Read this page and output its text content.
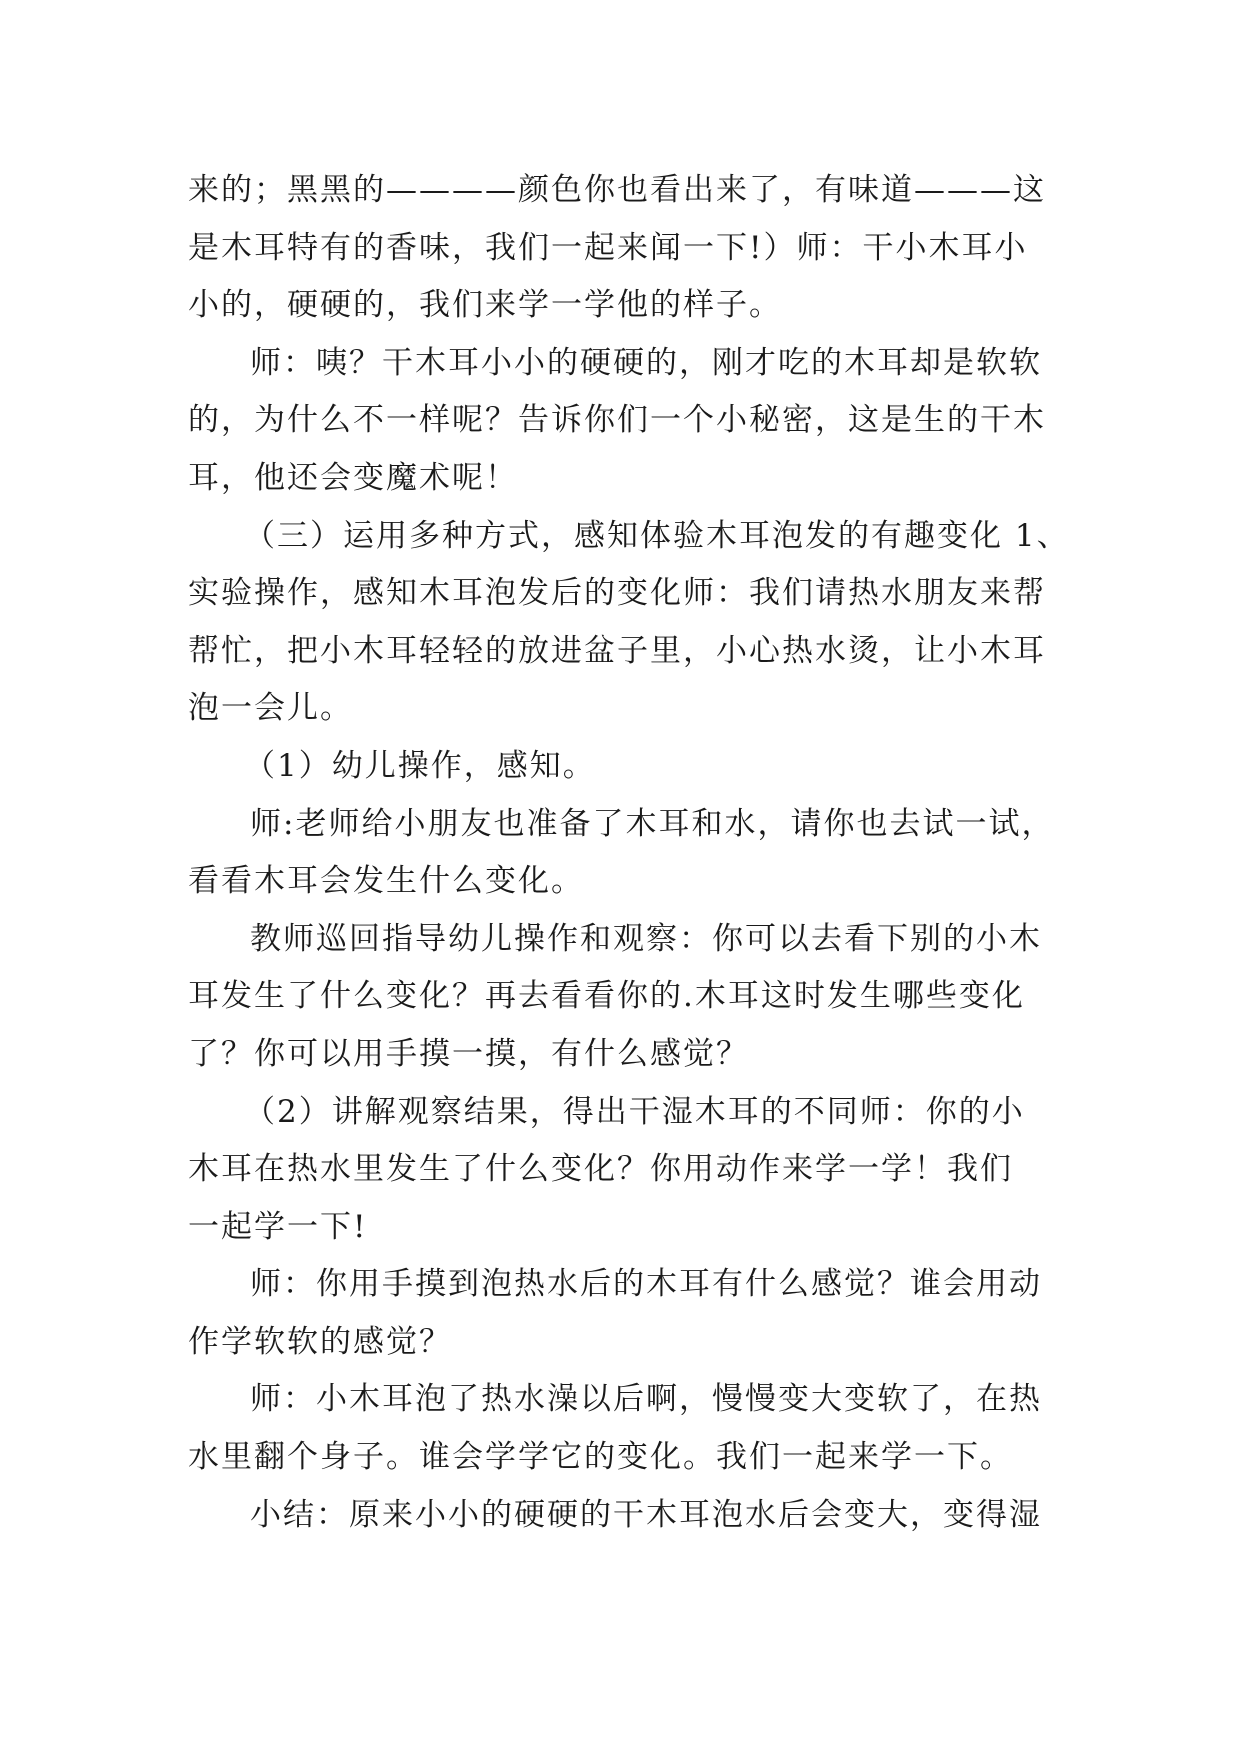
来的；黑黑的————颜色你也看出来了，有味道———这
是木耳特有的香味，我们一起来闻一下!）师：干小木耳小
小的，硬硬的，我们来学一学他的样子。
师：咦？干木耳小小的硬硬的，刚才吃的木耳却是软软
的，为什么不一样呢？告诉你们一个小秘密，这是生的干木
耳，他还会变魔术呢！
（三）运用多种方式，感知体验木耳泡发的有趣变化 1、
实验操作，感知木耳泡发后的变化师：我们请热水朋友来帮
帮忙，把小木耳轻轻的放进盆子里，小心热水烫，让小木耳
泡一会儿。
（1）幼儿操作，感知。
师:老师给小朋友也准备了木耳和水，请你也去试一试，
看看木耳会发生什么变化。
教师巡回指导幼儿操作和观察：你可以去看下别的小木
耳发生了什么变化？再去看看你的.木耳这时发生哪些变化
了？你可以用手摸一摸，有什么感觉？
（2）讲解观察结果，得出干湿木耳的不同师：你的小
木耳在热水里发生了什么变化？你用动作来学一学！我们
一起学一下!
师：你用手摸到泡热水后的木耳有什么感觉？谁会用动
作学软软的感觉？
师：小木耳泡了热水澡以后啊，慢慢变大变软了，在热
水里翻个身子。谁会学学它的变化。我们一起来学一下。
小结：原来小小的硬硬的干木耳泡水后会变大，变得湿
